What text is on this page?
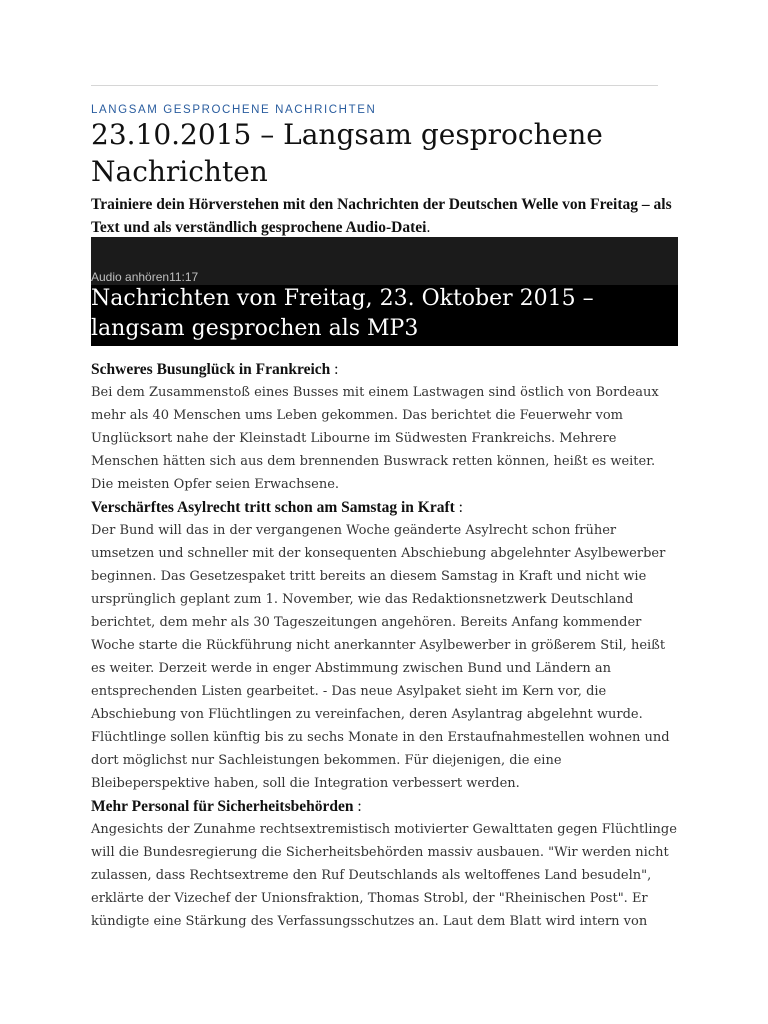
LANGSAM GESPROCHENE NACHRICHTEN
23.10.2015 – Langsam gesprochene Nachrichten

Trainiere dein Hörverstehen mit den Nachrichten der Deutschen Welle von Freitag – als Text und als verständlich gesprochene Audio-Datei.

Audio anhören11:17
Nachrichten von Freitag, 23. Oktober 2015 – langsam gesprochen als MP3

Schweres Busunglück in Frankreich :

Bei dem Zusammenstoß eines Busses mit einem Lastwagen sind östlich von Bordeaux mehr als 40 Menschen ums Leben gekommen. Das berichtet die Feuerwehr vom Unglücksort nahe der Kleinstadt Libourne im Südwesten Frankreichs. Mehrere Menschen hätten sich aus dem brennenden Buswrack retten können, heißt es weiter. Die meisten Opfer seien Erwachsene.

Verschärftes Asylrecht tritt schon am Samstag in Kraft :

Der Bund will das in der vergangenen Woche geänderte Asylrecht schon früher umsetzen und schneller mit der konsequenten Abschiebung abgelehnter Asylbewerber beginnen. Das Gesetzespaket tritt bereits an diesem Samstag in Kraft und nicht wie ursprünglich geplant zum 1. November, wie das Redaktionsnetzwerk Deutschland berichtet, dem mehr als 30 Tageszeitungen angehören. Bereits Anfang kommender Woche starte die Rückführung nicht anerkannter Asylbewerber in größerem Stil, heißt es weiter. Derzeit werde in enger Abstimmung zwischen Bund und Ländern an entsprechenden Listen gearbeitet. - Das neue Asylpaket sieht im Kern vor, die Abschiebung von Flüchtlingen zu vereinfachen, deren Asylantrag abgelehnt wurde. Flüchtlinge sollen künftig bis zu sechs Monate in den Erstaufnahmestellen wohnen und dort möglichst nur Sachleistungen bekommen. Für diejenigen, die eine Bleibeperspektive haben, soll die Integration verbessert werden.

Mehr Personal für Sicherheitsbehörden :

Angesichts der Zunahme rechtsextremistisch motivierter Gewalttaten gegen Flüchtlinge will die Bundesregierung die Sicherheitsbehörden massiv ausbauen. "Wir werden nicht zulassen, dass Rechtsextreme den Ruf Deutschlands als weltoffenes Land besudeln", erklärte der Vizechef der Unionsfraktion, Thomas Strobl, der "Rheinischen Post". Er kündigte eine Stärkung des Verfassungsschutzes an. Laut dem Blatt wird intern von
